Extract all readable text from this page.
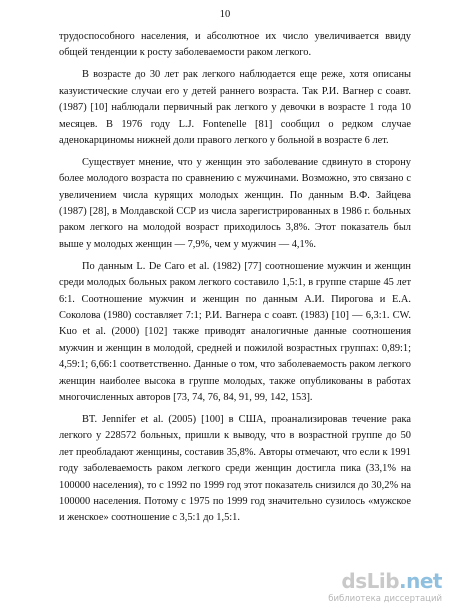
10

трудоспособного населения, и абсолютное их число увеличивается ввиду общей тенденции к росту заболеваемости раком легкого.

В возрасте до 30 лет рак легкого наблюдается еще реже, хотя описаны казуистические случаи его у детей раннего возраста. Так Р.И. Вагнер с соавт. (1987) [10] наблюдали первичный рак легкого у девочки в возрасте 1 года 10 месяцев. В 1976 году L.J. Fontenelle [81] сообщил о редком случае аденокарциномы нижней доли правого легкого у больной в возрасте 6 лет.

Существует мнение, что у женщин это заболевание сдвинуто в сторону более молодого возраста по сравнению с мужчинами. Возможно, это связано с увеличением числа курящих молодых женщин. По данным В.Ф. Зайцева (1987) [28], в Молдавской ССР из числа зарегистрированных в 1986 г. больных раком легкого на молодой возраст приходилось 3,8%. Этот показатель был выше у молодых женщин — 7,9%, чем у мужчин — 4,1%.

По данным L. De Caro et al. (1982) [77] соотношение мужчин и женщин среди молодых больных раком легкого составило 1,5:1, в группе старше 45 лет 6:1. Соотношение мужчин и женщин по данным А.И. Пирогова и Е.А. Соколова (1980) составляет 7:1; Р.И. Вагнера с соавт. (1983) [10] — 6,3:1. CW. Kuo et al. (2000) [102] также приводят аналогичные данные соотношения мужчин и женщин в молодой, средней и пожилой возрастных группах: 0,89:1; 4,59:1; 6,66:1 соответственно. Данные о том, что заболеваемость раком легкого женщин наиболее высока в группе молодых, также опубликованы в работах многочисленных авторов [73, 74, 76, 84, 91, 99, 142, 153].

BT. Jennifer et al. (2005) [100] в США, проанализировав течение рака легкого у 228572 больных, пришли к выводу, что в возрастной группе до 50 лет преобладают женщины, составив 35,8%. Авторы отмечают, что если к 1991 году заболеваемость раком легкого среди женщин достигла пика (33,1% на 100000 населения), то с 1992 по 1999 год этот показатель снизился до 30,2% на 100000 населения. Потому с 1975 по 1999 год значительно сузилось «мужское и женское» соотношение с 3,5:1 до 1,5:1.

dsLib.net
библиотека диссертаций
